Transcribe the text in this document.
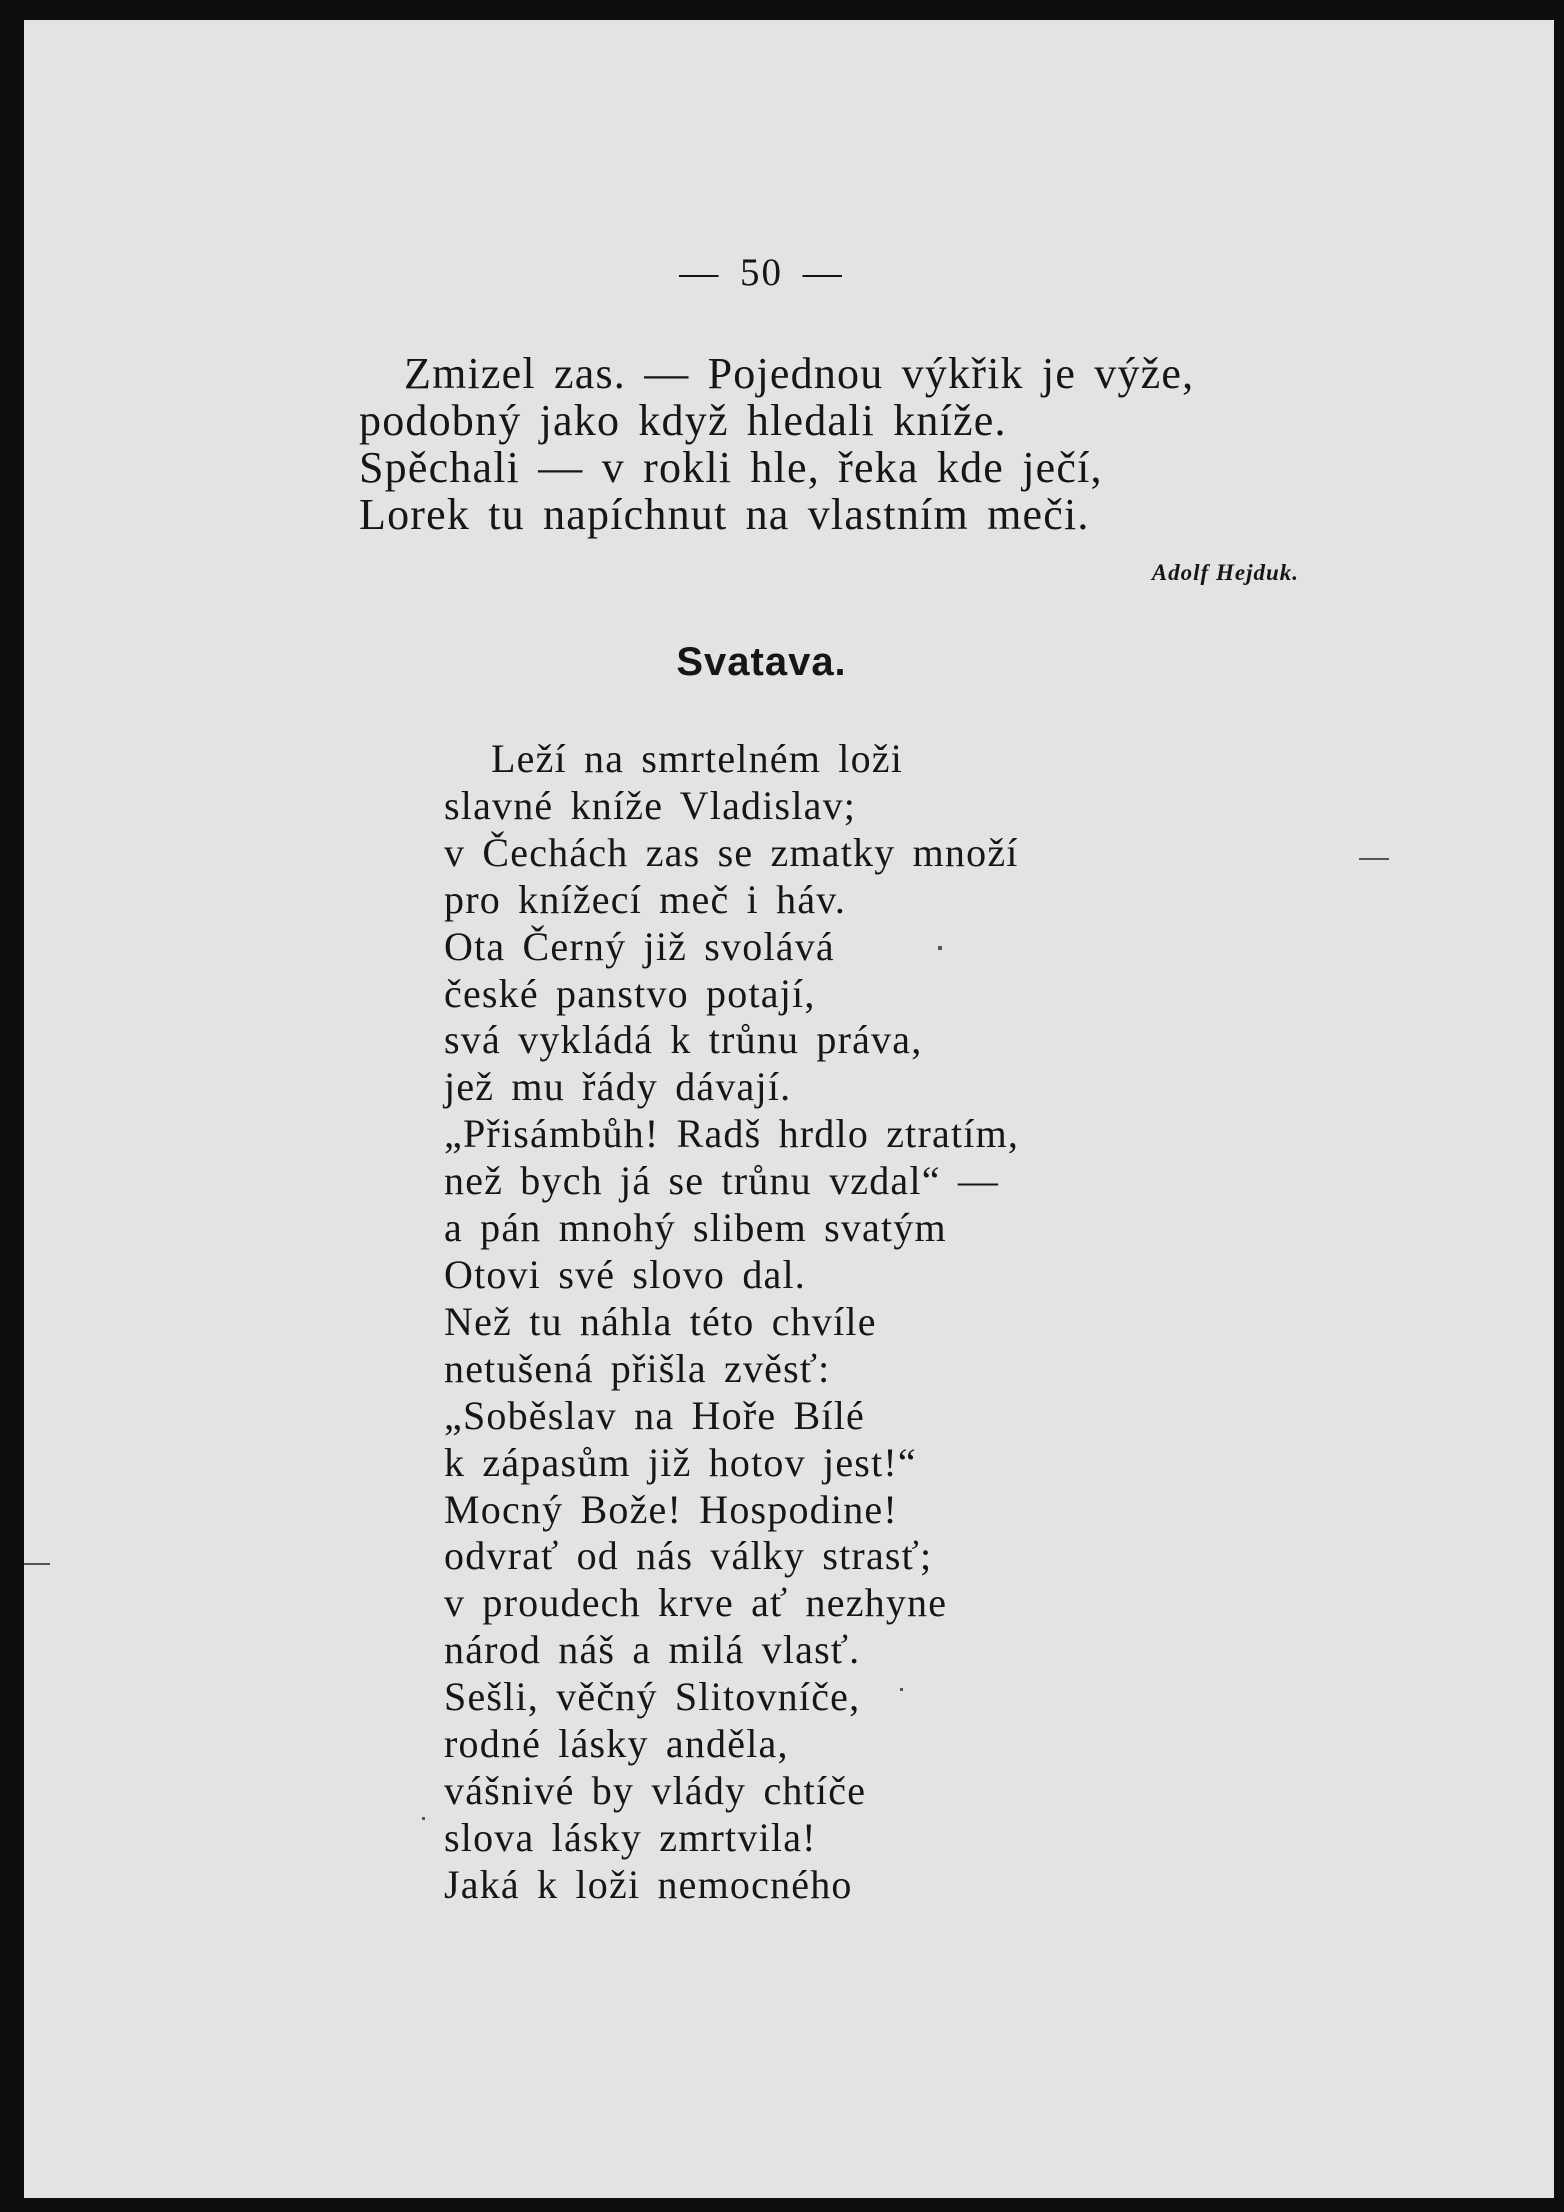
— 50 —
Zmizel zas. — Pojednou výkřik je výže,
podobný jako když hledali kníže.
Spěchali — v rokli hle, řeka kde ječí,
Lorek tu napíchnut na vlastním meči.
Adolf Hejduk.
Svatava.
Leží na smrtelném loži
slavné kníže Vladislav;
v Čechách zas se zmatky množí
pro knížecí meč i háv.
Ota Černý již svolává
české panstvo potají,
svá vykládá k trůnu práva,
jež mu řády dávají.
„Přisámbůh! Radš hrdlo ztratím,
než bych já se trůnu vzdal“ —
a pán mnohý slibem svatým
Otovi své slovo dal.
Než tu náhla této chvíle
netušená přišla zvěsť:
„Soběslav na Hoře Bílé
k zápasům již hotov jest!“
Mocný Bože! Hospodine!
odvrať od nás války strasť;
v proudech krve ať nezhyne
národ náš a milá vlasť.
Sešli, věčný Slitovníče,
rodné lásky anděla,
vášnivé by vlády chtíče
slova lásky zmrtvila!
Jaká k loži nemocného
